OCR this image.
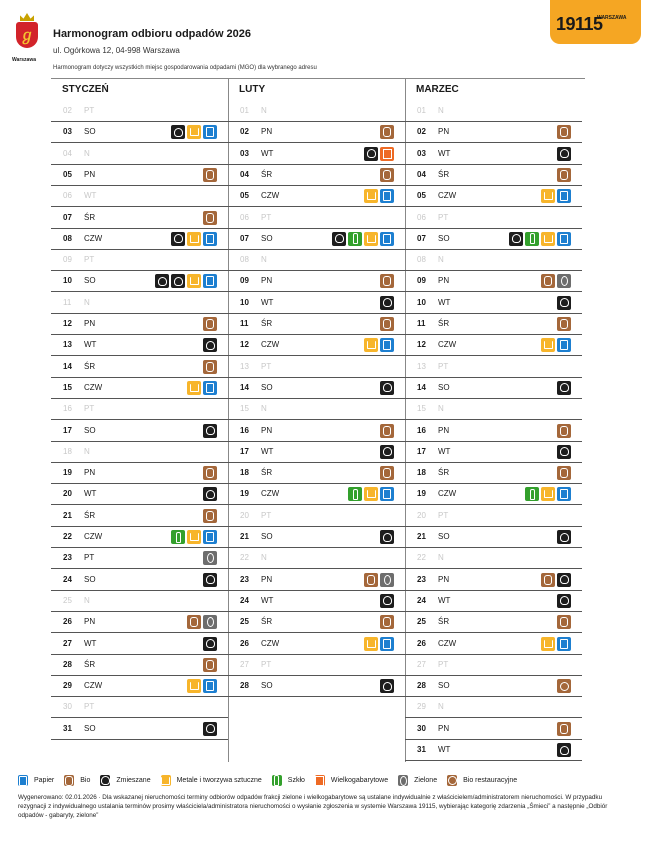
ℊ
Warszawa
Harmonogram odbioru odpadów 2026
ul. Ogórkowa 12, 04-998 Warszawa
Harmonogram dotyczy wszystkich miejsc gospodarowania odpadami (MGO) dla wybranego adresu
19115
WARSZAWA
STYCZEŃ	LUTY	MARZEC
02 PT
03 SO
04 N
05 PN
06 WT
07 ŚR
08 CZW
09 PT
10 SO
11 N
12 PN
13 WT
14 ŚR
15 CZW
16 PT
17 SO
18 N
19 PN
20 WT
21 ŚR
22 CZW
23 PT
24 SO
25 N
26 PN
27 WT
28 ŚR
29 CZW
30 PT
31 SO
01 N
02 PN
03 WT
04 ŚR
05 CZW
06 PT
07 SO
08 N
09 PN
10 WT
11 ŚR
12 CZW
13 PT
14 SO
15 N
16 PN
17 WT
18 ŚR
19 CZW
20 PT
21 SO
22 N
23 PN
24 WT
25 ŚR
26 CZW
27 PT
28 SO
01 N
02 PN
03 WT
04 ŚR
05 CZW
06 PT
07 SO
08 N
09 PN
10 WT
11 ŚR
12 CZW
13 PT
14 SO
15 N
16 PN
17 WT
18 ŚR
19 CZW
20 PT
21 SO
22 N
23 PN
24 WT
25 ŚR
26 CZW
27 PT
28 SO
29 N
30 PN
31 WT
Papier	Bio	Zmieszane	Metale i tworzywa sztuczne	Szkło	Wielkogabarytowe	Zielone	Bio restauracyjne
Wygenerowano: 02.01.2026 · Dla wskazanej nieruchomości terminy odbiorów odpadów frakcji zielone i wielkogabarytowe są ustalane indywidualnie z właścicielem/administratorem nieruchomości. W przypadku rezygnacji z indywidualnego ustalania terminów prosimy właściciela/administratora nieruchomości o wysłanie zgłoszenia w systemie Warszawa 19115, wybierając kategorię zdarzenia „Śmieci” a następnie „Odbiór odpadów - gabaryty, zielone”
